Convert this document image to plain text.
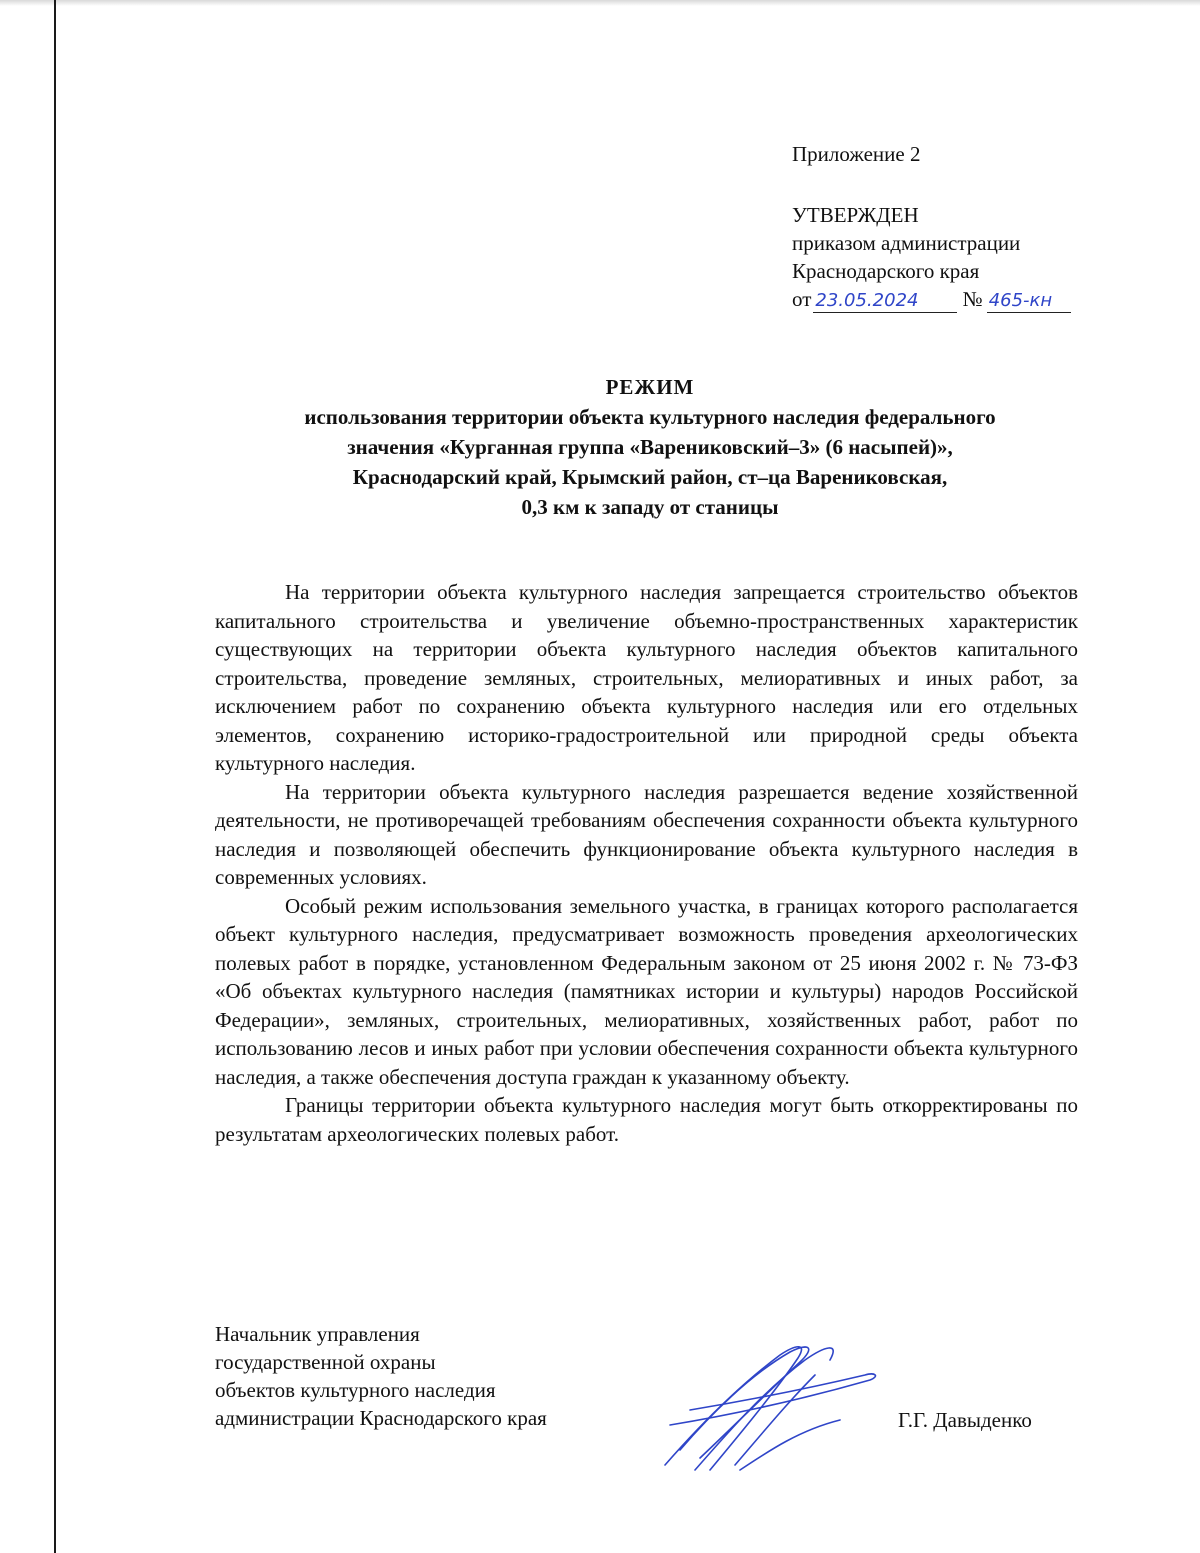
Приложение 2
УТВЕРЖДЕН
приказом администрации
Краснодарского края
от 23.05.2024 № 465-кн
РЕЖИМ
использования территории объекта культурного наследия федерального
значения «Курганная группа «Варениковский–3» (6 насыпей)»,
Краснодарский край, Крымский район, ст–ца Варениковская,
0,3 км к западу от станицы

На территории объекта культурного наследия запрещается строительство объектов капитального строительства и увеличение объемно-пространственных характеристик существующих на территории объекта культурного наследия объектов капитального строительства, проведение земляных, строительных, мелиоративных и иных работ, за исключением работ по сохранению объекта культурного наследия или его отдельных элементов, сохранению историко-градостроительной или природной среды объекта культурного наследия.

На территории объекта культурного наследия разрешается ведение хозяйственной деятельности, не противоречащей требованиям обеспечения сохранности объекта культурного наследия и позволяющей обеспечить функционирование объекта культурного наследия в современных условиях.

Особый режим использования земельного участка, в границах которого располагается объект культурного наследия, предусматривает возможность проведения археологических полевых работ в порядке, установленном Федеральным законом от 25 июня 2002 г. № 73-ФЗ «Об объектах культурного наследия (памятниках истории и культуры) народов Российской Федерации», земляных, строительных, мелиоративных, хозяйственных работ, работ по использованию лесов и иных работ при условии обеспечения сохранности объекта культурного наследия, а также обеспечения доступа граждан к указанному объекту.

Границы территории объекта культурного наследия могут быть откорректированы по результатам археологических полевых работ.

Начальник управления
государственной охраны
объектов культурного наследия
администрации Краснодарского края	Г.Г. Давыденко
